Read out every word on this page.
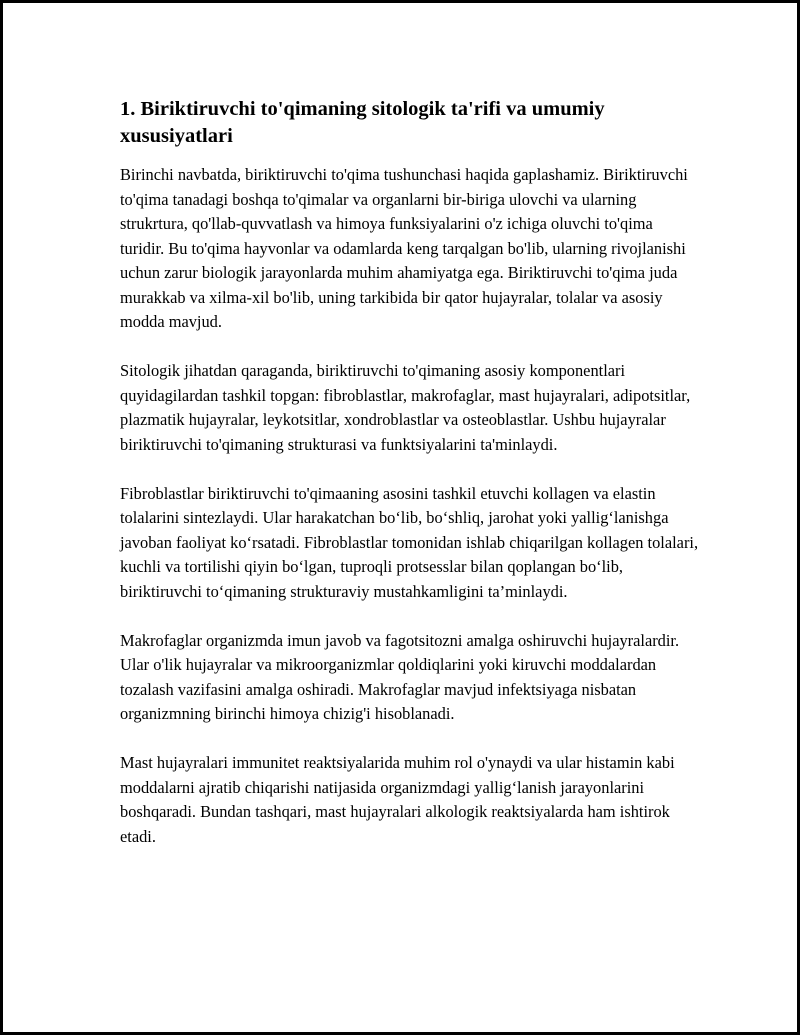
1. Biriktiruvchi to'qimaning sitologik ta'rifi va umumiy xususiyatlari

Birinchi navbatda, biriktiruvchi to'qima tushunchasi haqida gaplashamiz. Biriktiruvchi to'qima tanadagi boshqa to'qimalar va organlarni bir-biriga ulovchi va ularning strukrtura, qo'llab-quvvatlash va himoya funksiyalarini o'z ichiga oluvchi to'qima turidir. Bu to'qima hayvonlar va odamlarda keng tarqalgan bo'lib, ularning rivojlanishi uchun zarur biologik jarayonlarda muhim ahamiyatga ega. Biriktiruvchi to'qima juda murakkab va xilma-xil bo'lib, uning tarkibida bir qator hujayralar, tolalar va asosiy modda mavjud.

Sitologik jihatdan qaraganda, biriktiruvchi to'qimaning asosiy komponentlari quyidagilardan tashkil topgan: fibroblastlar, makrofaglar, mast hujayralari, adipotsitlar, plazmatik hujayralar, leykotsitlar, xondroblastlar va osteoblastlar. Ushbu hujayralar biriktiruvchi to'qimaning strukturasi va funktsiyalarini ta'minlaydi.

Fibroblastlar biriktiruvchi to'qimaaning asosini tashkil etuvchi kollagen va elastin tolalarini sintezlaydi. Ular harakatchan bo‘lib, bo‘shliq, jarohat yoki yallig‘lanishga javoban faoliyat ko‘rsatadi. Fibroblastlar tomonidan ishlab chiqarilgan kollagen tolalari, kuchli va tortilishi qiyin bo‘lgan, tuproqli protsesslar bilan qoplangan bo‘lib, biriktiruvchi to‘qimaning strukturaviy mustahkamligini ta’minlaydi.

Makrofaglar organizmda imun javob va fagotsitozni amalga oshiruvchi hujayralardir. Ular o'lik hujayralar va mikroorganizmlar qoldiqlarini yoki kiruvchi moddalardan tozalash vazifasini amalga oshiradi. Makrofaglar mavjud infektsiyaga nisbatan organizmning birinchi himoya chizig'i hisoblanadi.

Mast hujayralari immunitet reaktsiyalarida muhim rol o'ynaydi va ular histamin kabi moddalarni ajratib chiqarishi natijasida organizmdagi yallig‘lanish jarayonlarini boshqaradi. Bundan tashqari, mast hujayralari alkologik reaktsiyalarda ham ishtirok etadi.
